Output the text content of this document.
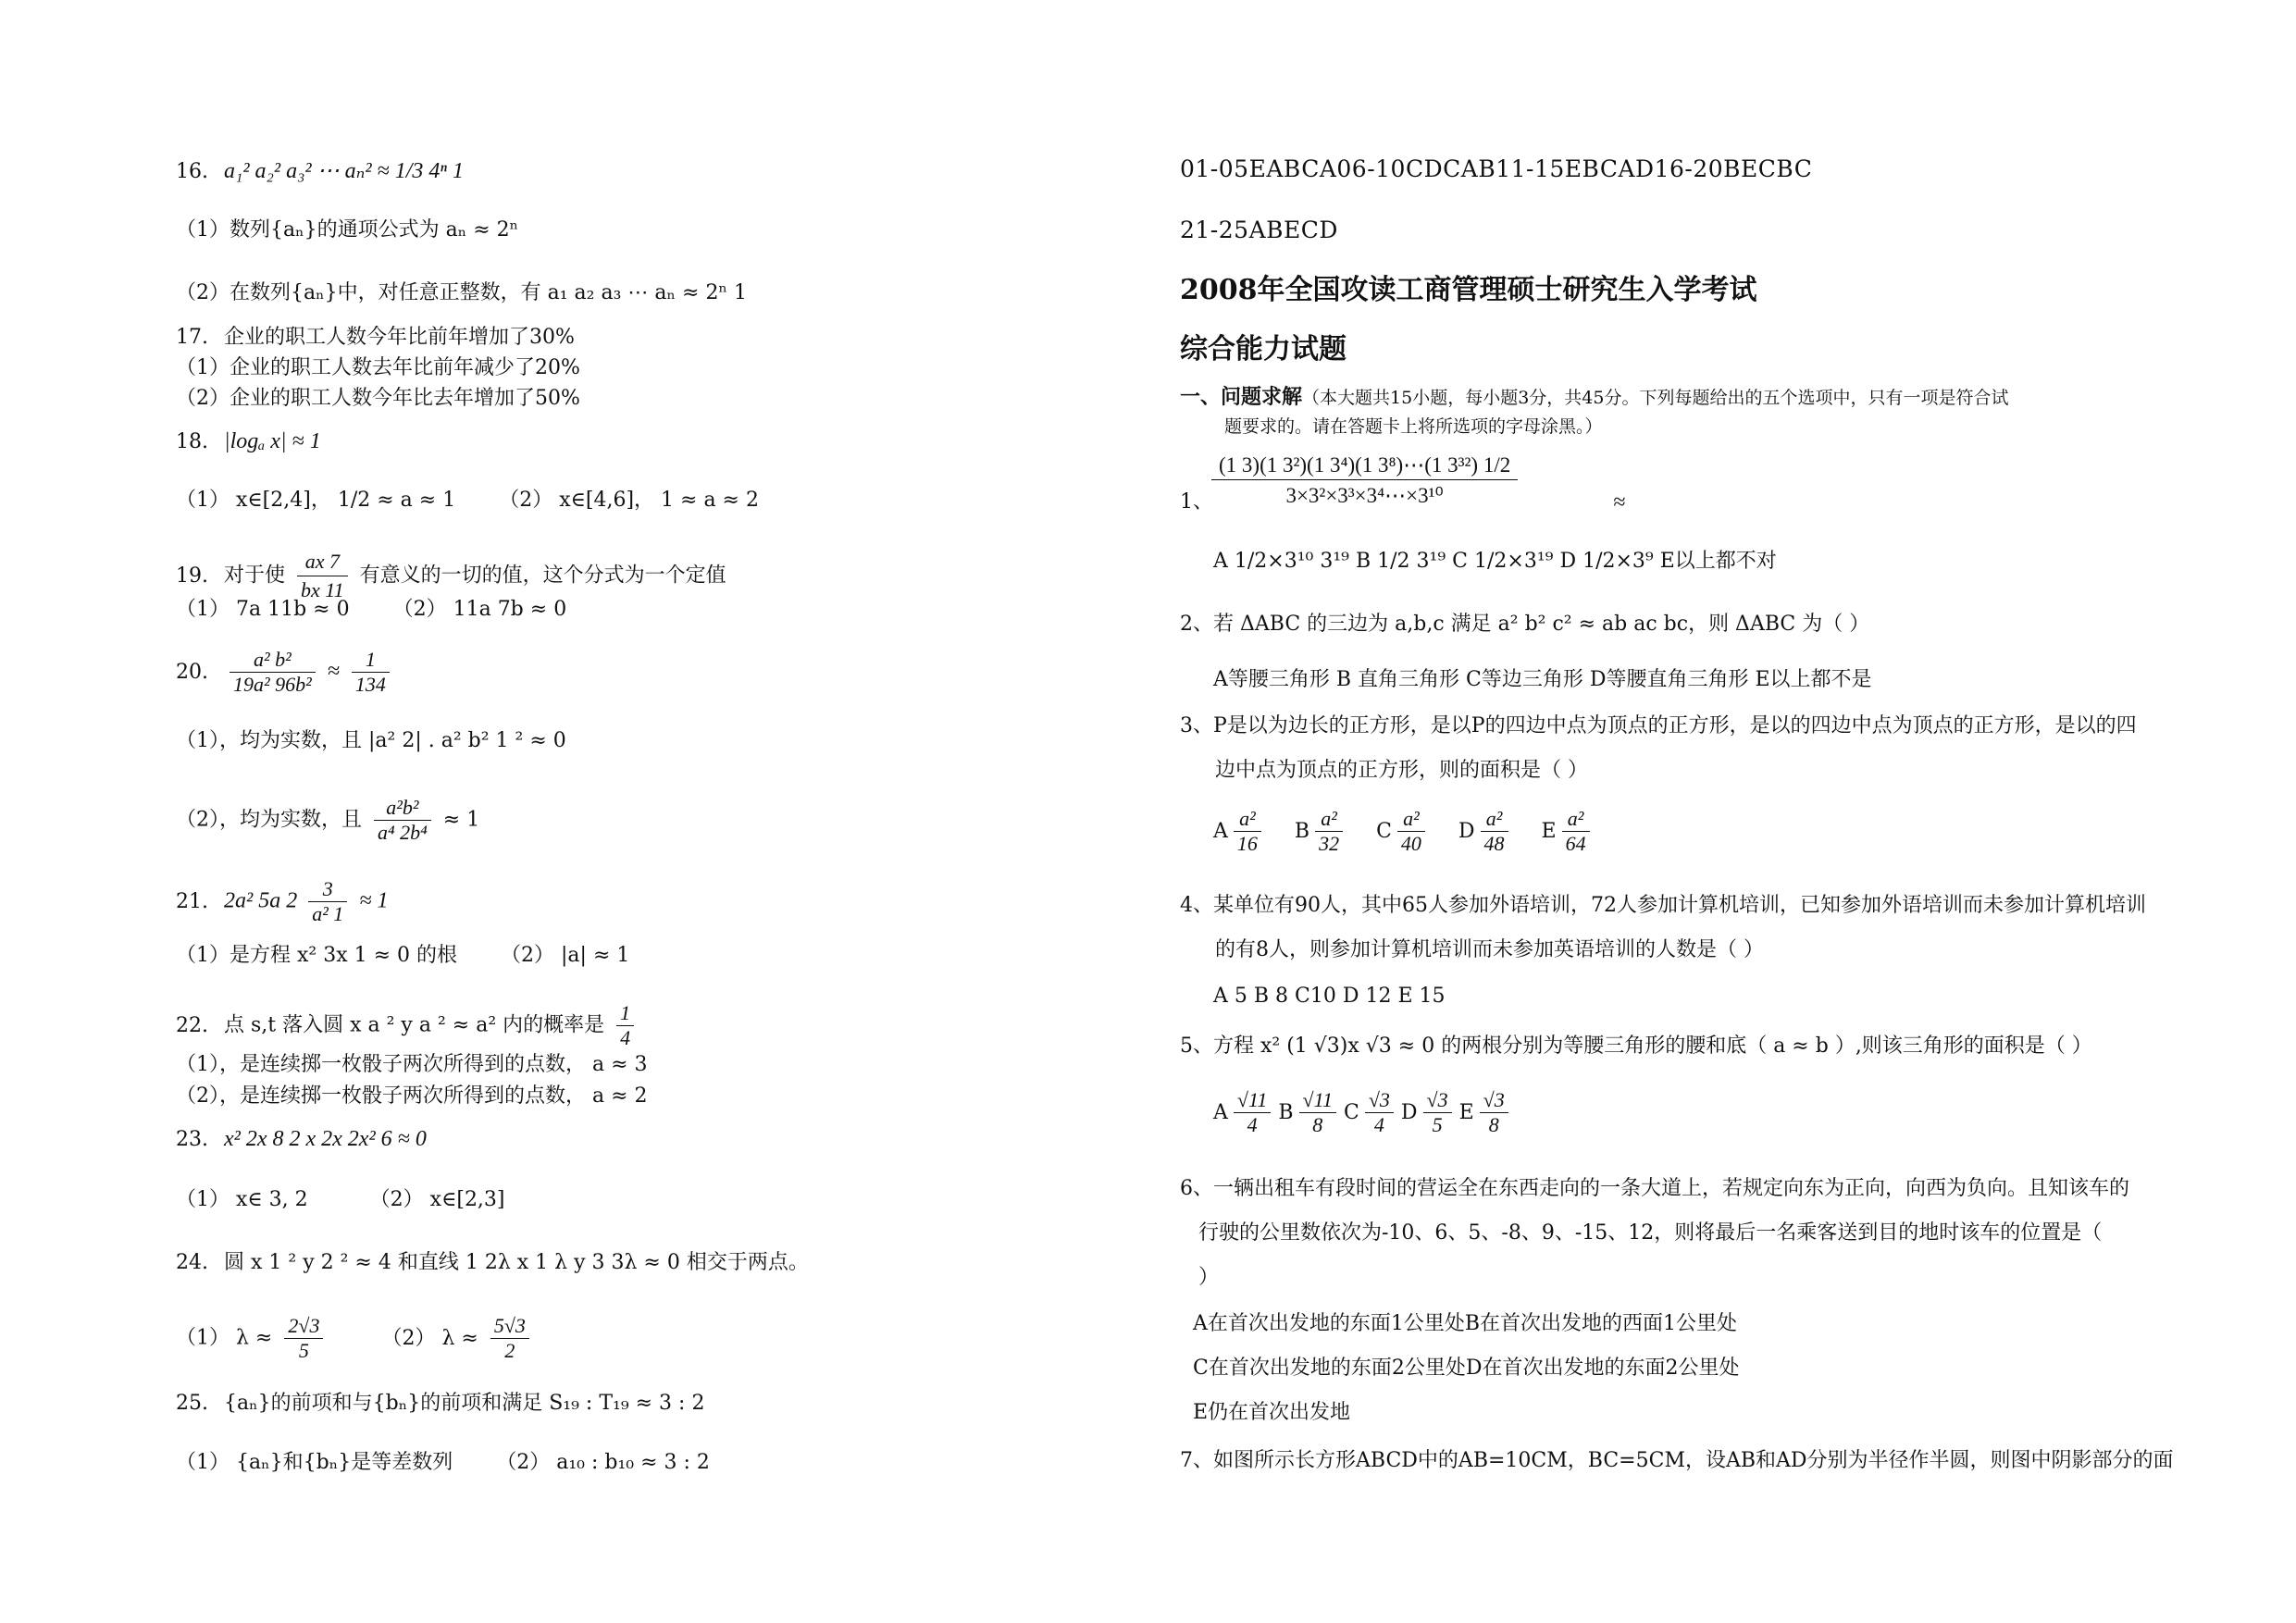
16. a₁² a₂² a₃² ⋯ aₙ² ≈ 1/3 4ⁿ 1
（1）数列{aₙ}的通项公式为 aₙ ≈ 2ⁿ
（2）在数列{aₙ}中，对任意正整数，有 a₁ a₂ a₃ ⋯ aₙ ≈ 2ⁿ 1
17. 企业的职工人数今年比前年增加了30%
（1）企业的职工人数去年比前年减少了20%
（2）企业的职工人数今年比去年增加了50%
18. |logₐ x| ≈ 1
（1） x∈[2,4]， 1/2 ≈ a ≈ 1 （2） x∈[4,6]， 1 ≈ a ≈ 2
19. 对于使 $\frac{ax 7}{bx 11}$ 有意义的一切的值，这个分式为一个定值
（1） 7a 11b ≈ 0 （2） 11a 7b ≈ 0
20. $\frac{\text{a² b²}}{\text{19a² 96b²}} \approx \frac{1}{134}$
（1），均为实数，且 |a² 2| . a² b² 1 ² ≈ 0
（2），均为实数，且 $\frac{\text{a²b²}}{\text{a⁴ 2b⁴}} \approx 1$
21. 2a² 5a $2 \frac{3}{\text{a² 1}} \approx 1$
（1）是方程 x² 3x 1 ≈ 0 的根 （2） |a| ≈ 1
22. 点 s,t 落入圆 x a ² y a ² ≈ a² 内的概率是 $\frac{1}{4}$
（1），是连续掷一枚骰子两次所得到的点数， a ≈ 3
（2），是连续掷一枚骰子两次所得到的点数， a ≈ 2
23. x² 2x 8 2 x 2x 2x² 6 ≈ 0
（1） x∈ 3, 2	（2） x∈[2,3]
24. 圆 x 1 ² y 2 ² ≈ 4 和直线 1 2λ x 1 λ y 3 3λ ≈ 0 相交于两点。
（1） $\lambda \approx \frac{2√3}{5}$	（2） $\lambda \approx \frac{5√3}{2}$
25. {aₙ}的前项和与{bₙ}的前项和满足 S₁₉ : T₁₉ ≈ 3 : 2
（1） {aₙ}和{bₙ}是等差数列 （2） a₁₀ : b₁₀ ≈ 3 : 2
01-05EABCA06-10CDCAB11-15EBCAD16-20BECBC
21-25ABECD
2008年全国攻读工商管理硕士研究生入学考试
综合能力试题
一、问题求解（本大题共15小题，每小题3分，共45分。下列每题给出的五个选项中，只有一项是符合试
题要求的。请在答题卡上将所选项的字母涂黑。）
1、
$\frac{\text{(1 3)(1 3²)(1 3⁴)(1 3⁸)⋯(1 3³²) 1/2}}{\text{3×3²×3³×3⁴⋯×3¹⁰}}$	≈
A 1/2×3¹⁰ 3¹⁹ B 1/2 3¹⁹ C 1/2×3¹⁹ D 1/2×3⁹ E以上都不对
2、若 ΔABC 的三边为 a,b,c 满足 a² b² c² ≈ ab ac bc，则 ΔABC 为（ ）
A等腰三角形 B 直角三角形 C等边三角形 D等腰直角三角形 E以上都不是
3、P是以为边长的正方形，是以P的四边中点为顶点的正方形，是以的四边中点为顶点的正方形，是以的四
边中点为顶点的正方形，则的面积是（ ）
A $\frac{\text{a²}}{16}$ B $\frac{\text{a²}}{32}$ C $\frac{\text{a²}}{40}$ D $\frac{\text{a²}}{48}$ E $\frac{\text{a²}}{64}$
4、某单位有90人，其中65人参加外语培训，72人参加计算机培训，已知参加外语培训而未参加计算机培训
的有8人，则参加计算机培训而未参加英语培训的人数是（ ）
A 5 B 8 C10 D 12 E 15
5、方程 x² (1 √3)x √3 ≈ 0 的两根分别为等腰三角形的腰和底（ a ≈ b ）,则该三角形的面积是（ ）
A $\frac{√11}{4}$ B $\frac{√11}{8}$ C $\frac{√3}{4}$ D $\frac{√3}{5}$ E $\frac{√3}{8}$
6、一辆出租车有段时间的营运全在东西走向的一条大道上，若规定向东为正向，向西为负向。且知该车的
行驶的公里数依次为-10、6、5、-8、9、-15、12，则将最后一名乘客送到目的地时该车的位置是（
）
A在首次出发地的东面1公里处B在首次出发地的西面1公里处
C在首次出发地的东面2公里处D在首次出发地的东面2公里处
E仍在首次出发地
7、如图所示长方形ABCD中的AB=10CM，BC=5CM，设AB和AD分别为半径作半圆，则图中阴影部分的面
